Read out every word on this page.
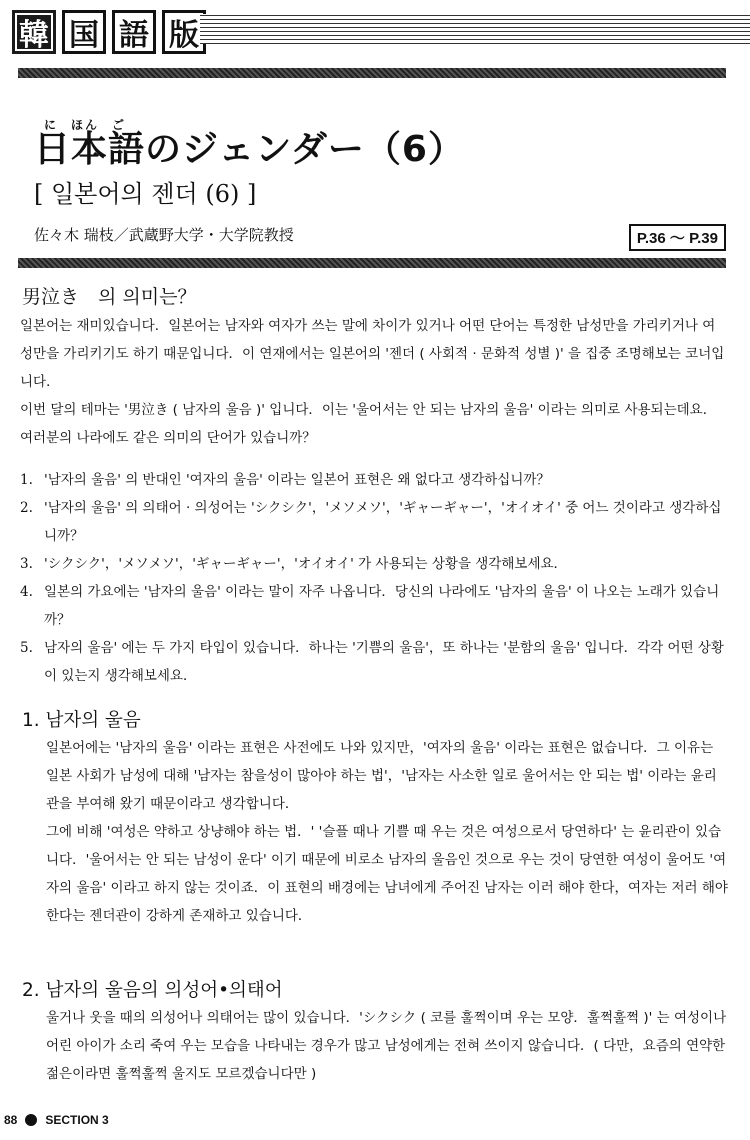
韓 国 語 版
に ほん ご
日本語のジェンダー（6）
[ 일본어의 젠더 (6) ]
佐々木 瑞枝／武蔵野大学・大学院教授	P.36 ～ P.39
男泣き　의 의미는？
일본어는 재미있습니다．일본어는 남자와 여자가 쓰는 말에 차이가 있거나 어떤 단어는 특정한 남성만을 가리키거나 여성만을 가리키기도 하기 때문입니다．이 연재에서는 일본어의 '젠더 ( 사회적 · 문화적 성별 )' 을 집중 조명해보는 코너입니다．
이번 달의 테마는 '男泣き ( 남자의 울음 )' 입니다．이는 '울어서는 안 되는 남자의 울음' 이라는 의미로 사용되는데요．여러분의 나라에도 같은 의미의 단어가 있습니까？
1. '남자의 울음' 의 반대인 '여자의 울음' 이라는 일본어 표현은 왜 없다고 생각하십니까？
2. '남자의 울음' 의 의태어 · 의성어는 'シクシク'，'メソメソ'，'ギャーギャー'，'オイオイ' 중 어느 것이라고 생각하십니까？
3. 'シクシク'，'メソメソ'，'ギャーギャー'，'オイオイ' 가 사용되는 상황을 생각해보세요．
4. 일본의 가요에는 '남자의 울음' 이라는 말이 자주 나옵니다．당신의 나라에도 '남자의 울음' 이 나오는 노래가 있습니까？
5. 남자의 울음' 에는 두 가지 타입이 있습니다．하나는 '기쁨의 울음'，또 하나는 '분함의 울음' 입니다．각각 어떤 상황이 있는지 생각해보세요．
1. 남자의 울음
일본어에는 '남자의 울음' 이라는 표현은 사전에도 나와 있지만，'여자의 울음' 이라는 표현은 없습니다．그 이유는 일본 사회가 남성에 대해 '남자는 참을성이 많아야 하는 법'，'남자는 사소한 일로 울어서는 안 되는 법' 이라는 윤리관을 부여해 왔기 때문이라고 생각합니다．
그에 비해 '여성은 약하고 상냥해야 하는 법．' '슬플 때나 기쁠 때 우는 것은 여성으로서 당연하다' 는 윤리관이 있습니다．'울어서는 안 되는 남성이 운다' 이기 때문에 비로소 남자의 울음인 것으로 우는 것이 당연한 여성이 울어도 '여자의 울음' 이라고 하지 않는 것이죠．이 표현의 배경에는 남녀에게 주어진 남자는 이러 해야 한다，여자는 저러 해야 한다는 젠더관이 강하게 존재하고 있습니다．
2. 남자의 울음의 의성어•의태어
울거나 웃을 때의 의성어나 의태어는 많이 있습니다．'シクシク ( 코를 훌쩍이며 우는 모양．훌쩍훌쩍 )' 는 여성이나 어린 아이가 소리 죽여 우는 모습을 나타내는 경우가 많고 남성에게는 전혀 쓰이지 않습니다．( 다만，요즘의 연약한 젊은이라면 훌쩍훌쩍 울지도 모르겠습니다만 )
88 SECTION 3
